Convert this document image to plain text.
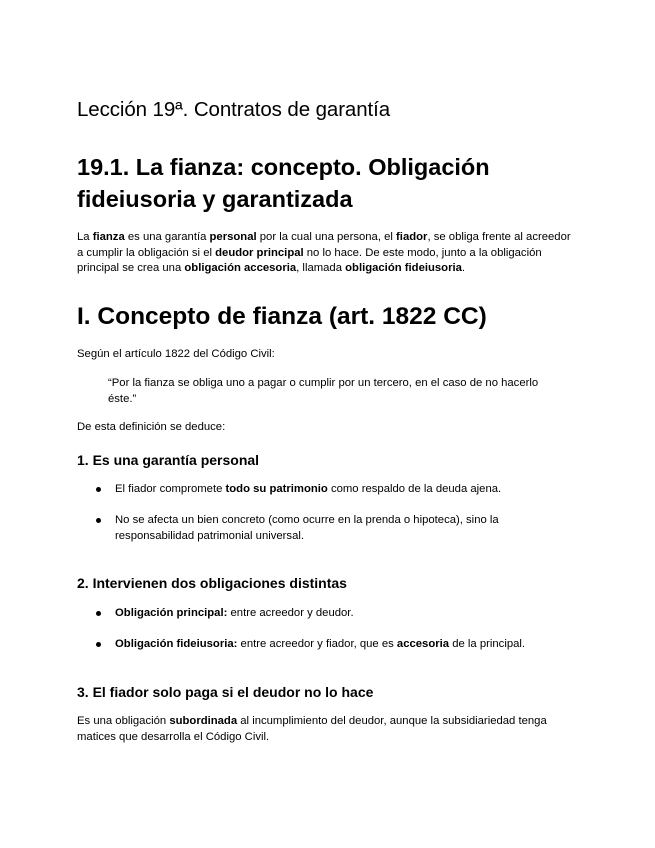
Lección 19ª. Contratos de garantía
19.1. La fianza: concepto. Obligación fideiusoria y garantizada

La fianza es una garantía personal por la cual una persona, el fiador, se obliga frente al acreedor a cumplir la obligación si el deudor principal no lo hace. De este modo, junto a la obligación principal se crea una obligación accesoria, llamada obligación fideiusoria.

I. Concepto de fianza (art. 1822 CC)

Según el artículo 1822 del Código Civil:

“Por la fianza se obliga uno a pagar o cumplir por un tercero, en el caso de no hacerlo éste.”

De esta definición se deduce:

1. Es una garantía personal
El fiador compromete todo su patrimonio como respaldo de la deuda ajena.
No se afecta un bien concreto (como ocurre en la prenda o hipoteca), sino la responsabilidad patrimonial universal.
2. Intervienen dos obligaciones distintas
Obligación principal: entre acreedor y deudor.
Obligación fideiusoria: entre acreedor y fiador, que es accesoria de la principal.
3. El fiador solo paga si el deudor no lo hace

Es una obligación subordinada al incumplimiento del deudor, aunque la subsidiariedad tenga matices que desarrolla el Código Civil.
